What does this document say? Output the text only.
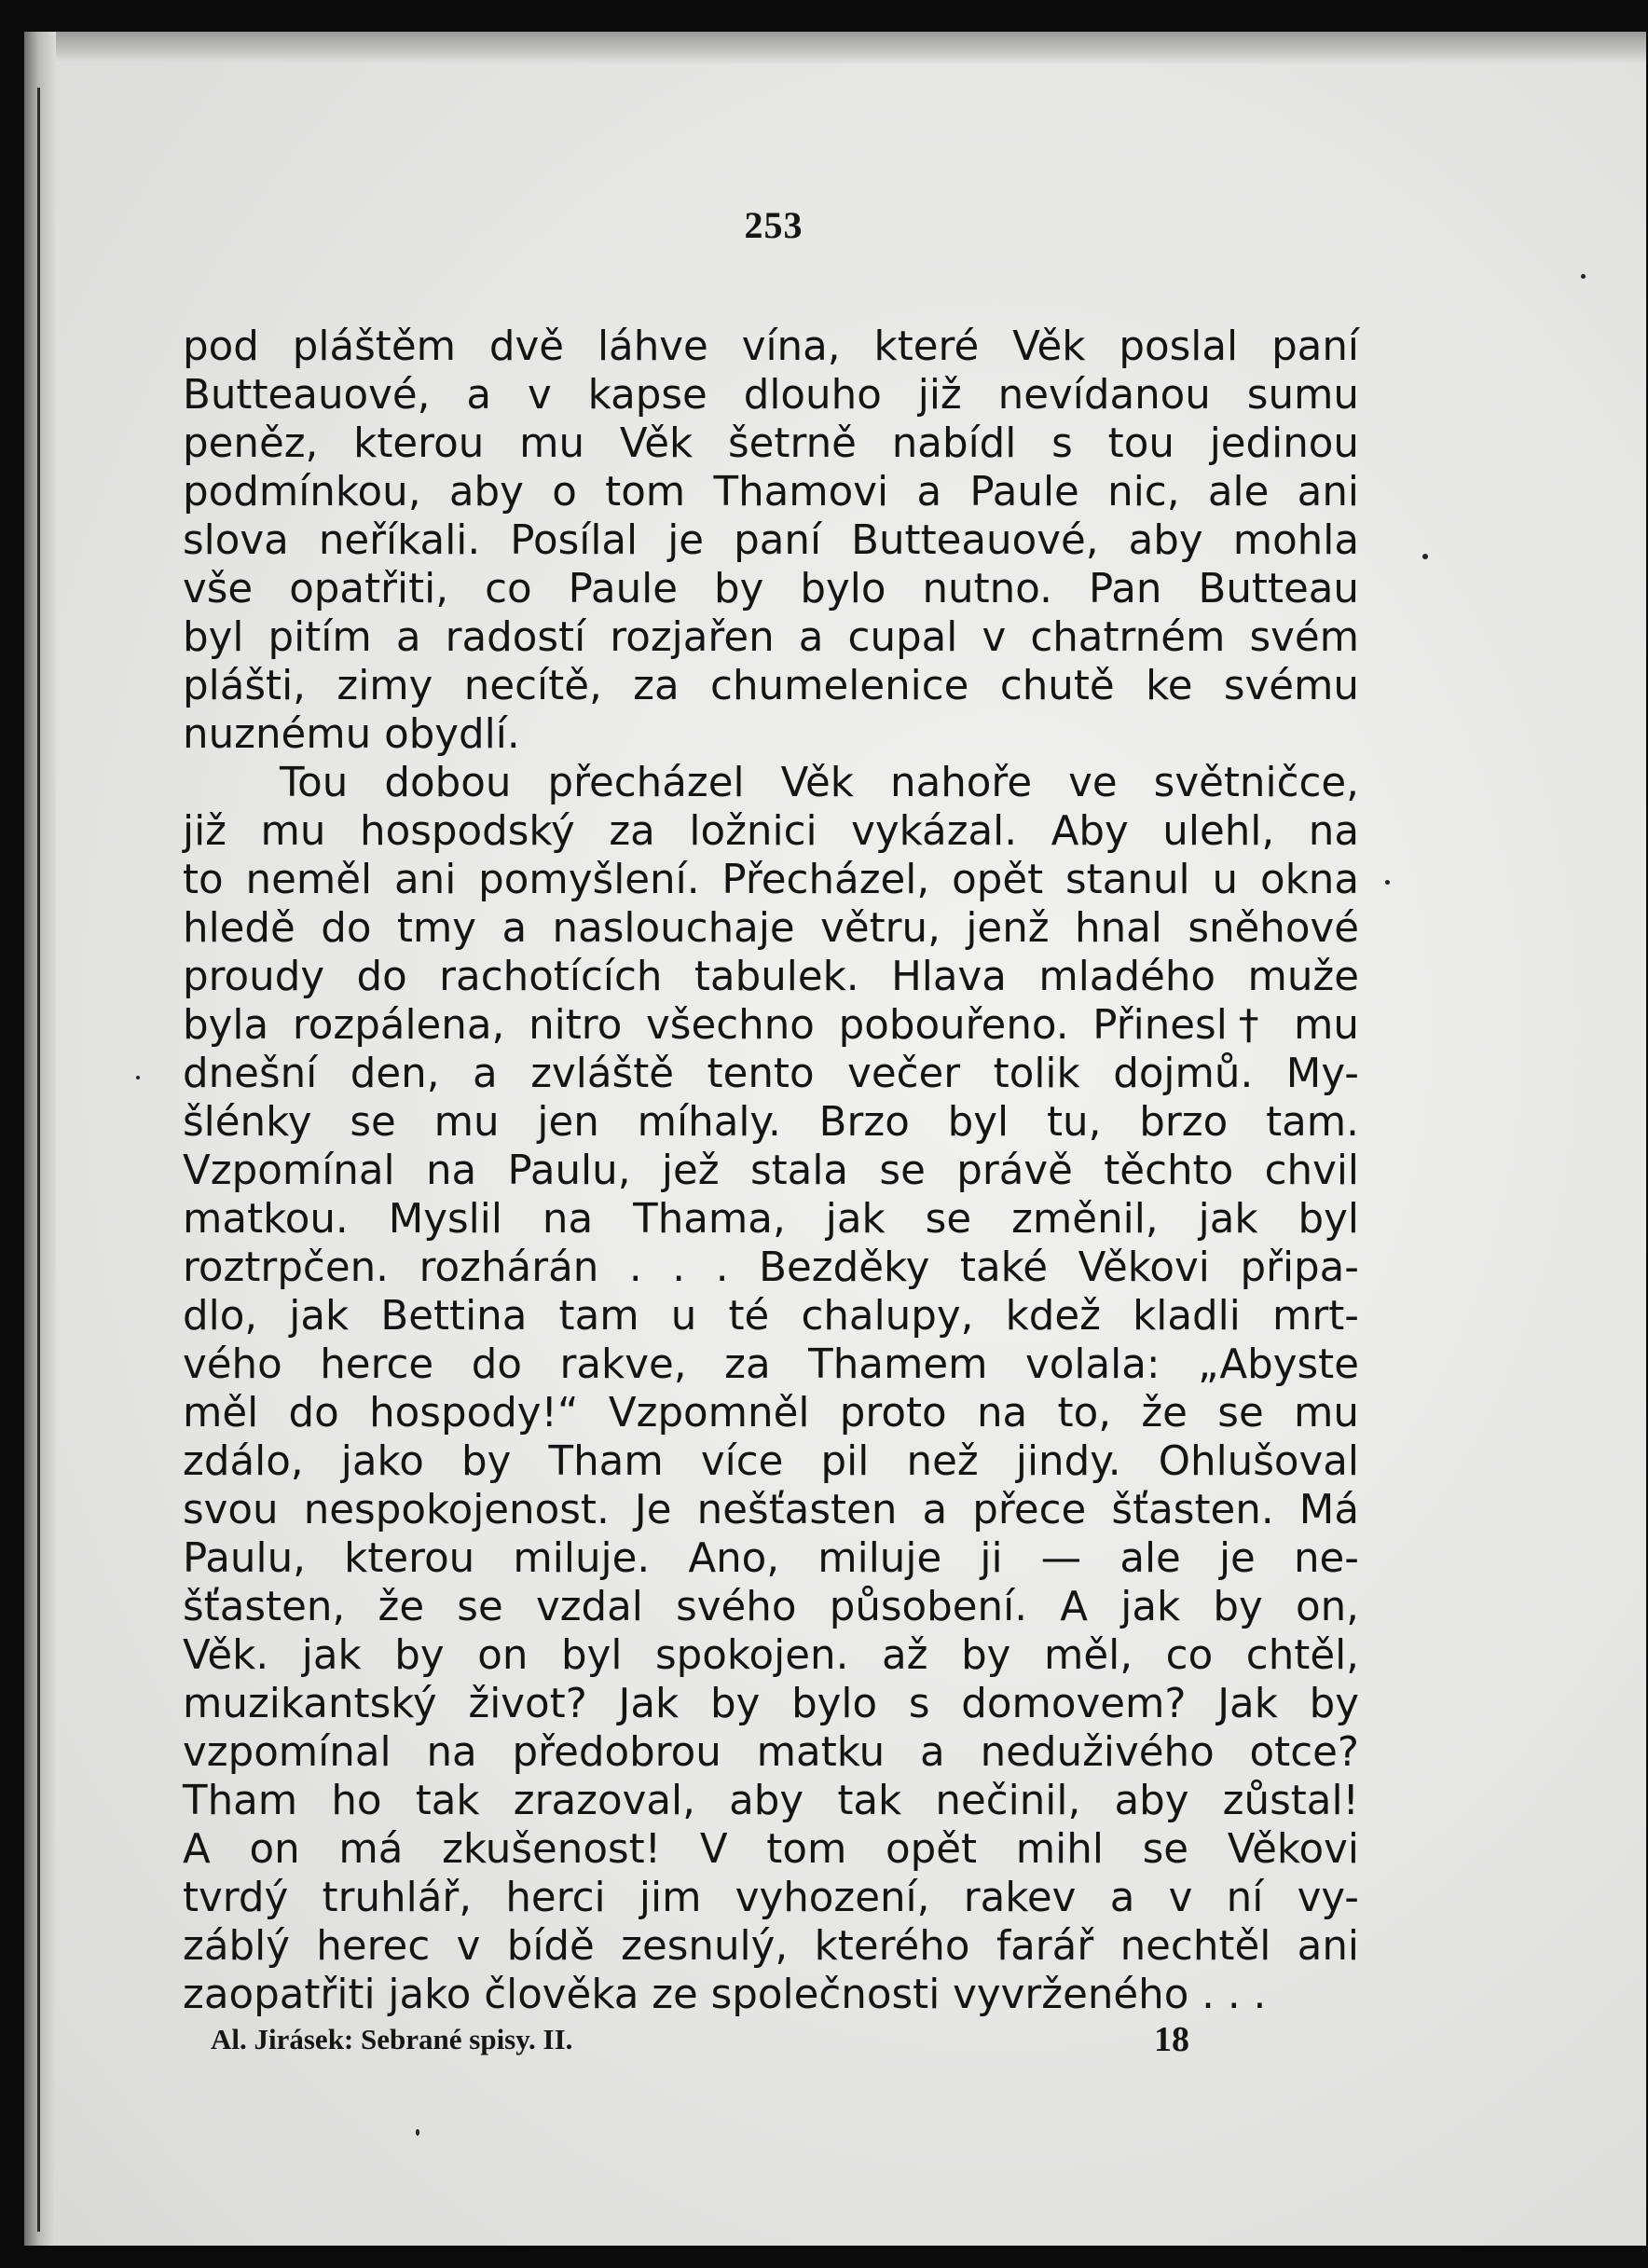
253
pod pláštěm dvě láhve vína, které Věk poslal paní
Butteauové, a v kapse dlouho již nevídanou sumu
peněz, kterou mu Věk šetrně nabídl s tou jedinou
podmínkou, aby o tom Thamovi a Paule nic, ale ani
slova neříkali. Posílal je paní Butteauové, aby mohla
vše opatřiti, co Paule by bylo nutno. Pan Butteau
byl pitím a radostí rozjařen a cupal v chatrném svém
plášti, zimy necítě, za chumelenice chutě ke svému
nuznému obydlí.
Tou dobou přecházel Věk nahoře ve světničce,
již mu hospodský za ložnici vykázal. Aby ulehl, na
to neměl ani pomyšlení. Přecházel, opět stanul u okna
hledě do tmy a naslouchaje větru, jenž hnal sněhové
proudy do rachotících tabulek. Hlava mladého muže
byla rozpálena, nitro všechno pobouřeno. Přinesl† mu
dnešní den, a zvláště tento večer tolik dojmů. My-
šlénky se mu jen míhaly. Brzo byl tu, brzo tam.
Vzpomínal na Paulu, jež stala se právě těchto chvil
matkou. Myslil na Thama, jak se změnil, jak byl
roztrpčen. rozhárán . . . Bezděky také Věkovi připa-
dlo, jak Bettina tam u té chalupy, kdež kladli mrt-
vého herce do rakve, za Thamem volala: „Abyste
měl do hospody!“ Vzpomněl proto na to, že se mu
zdálo, jako by Tham více pil než jindy. Ohlušoval
svou nespokojenost. Je nešťasten a přece šťasten. Má
Paulu, kterou miluje. Ano, miluje ji — ale je ne-
šťasten, že se vzdal svého působení. A jak by on,
Věk. jak by on byl spokojen. až by měl, co chtěl,
muzikantský život? Jak by bylo s domovem? Jak by
vzpomínal na předobrou matku a neduživého otce?
Tham ho tak zrazoval, aby tak nečinil, aby zůstal!
A on má zkušenost! V tom opět mihl se Věkovi
tvrdý truhlář, herci jim vyhození, rakev a v ní vy-
záblý herec v bídě zesnulý, kterého farář nechtěl ani
zaopatřiti jako člověka ze společnosti vyvrženého . . .
Al. Jirásek: Sebrané spisy. II.	18
